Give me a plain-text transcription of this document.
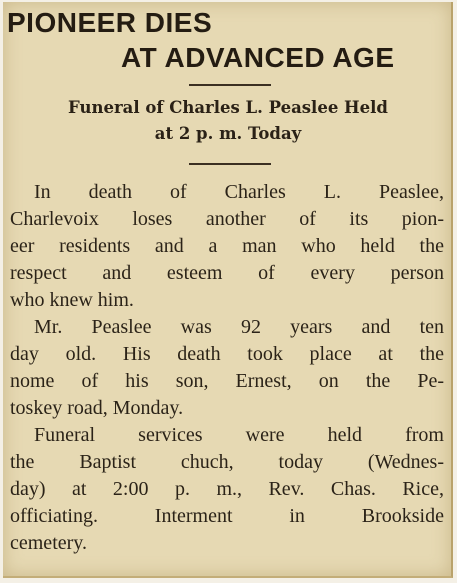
PIONEER DIES
AT ADVANCED AGE
Funeral of Charles L. Peaslee Held
at 2 p. m. Today
In death of Charles L. Peaslee,
Charlevoix loses another of its pion-
eer residents and a man who held the
respect and esteem of every person
who knew him.
Mr. Peaslee was 92 years and ten
day old. His death took place at the
nome of his son, Ernest, on the Pe-
toskey road, Monday.
Funeral services were held from
the Baptist chuch, today (Wednes-
day) at 2:00 p. m., Rev. Chas. Rice,
officiating. Interment in Brookside
cemetery.
